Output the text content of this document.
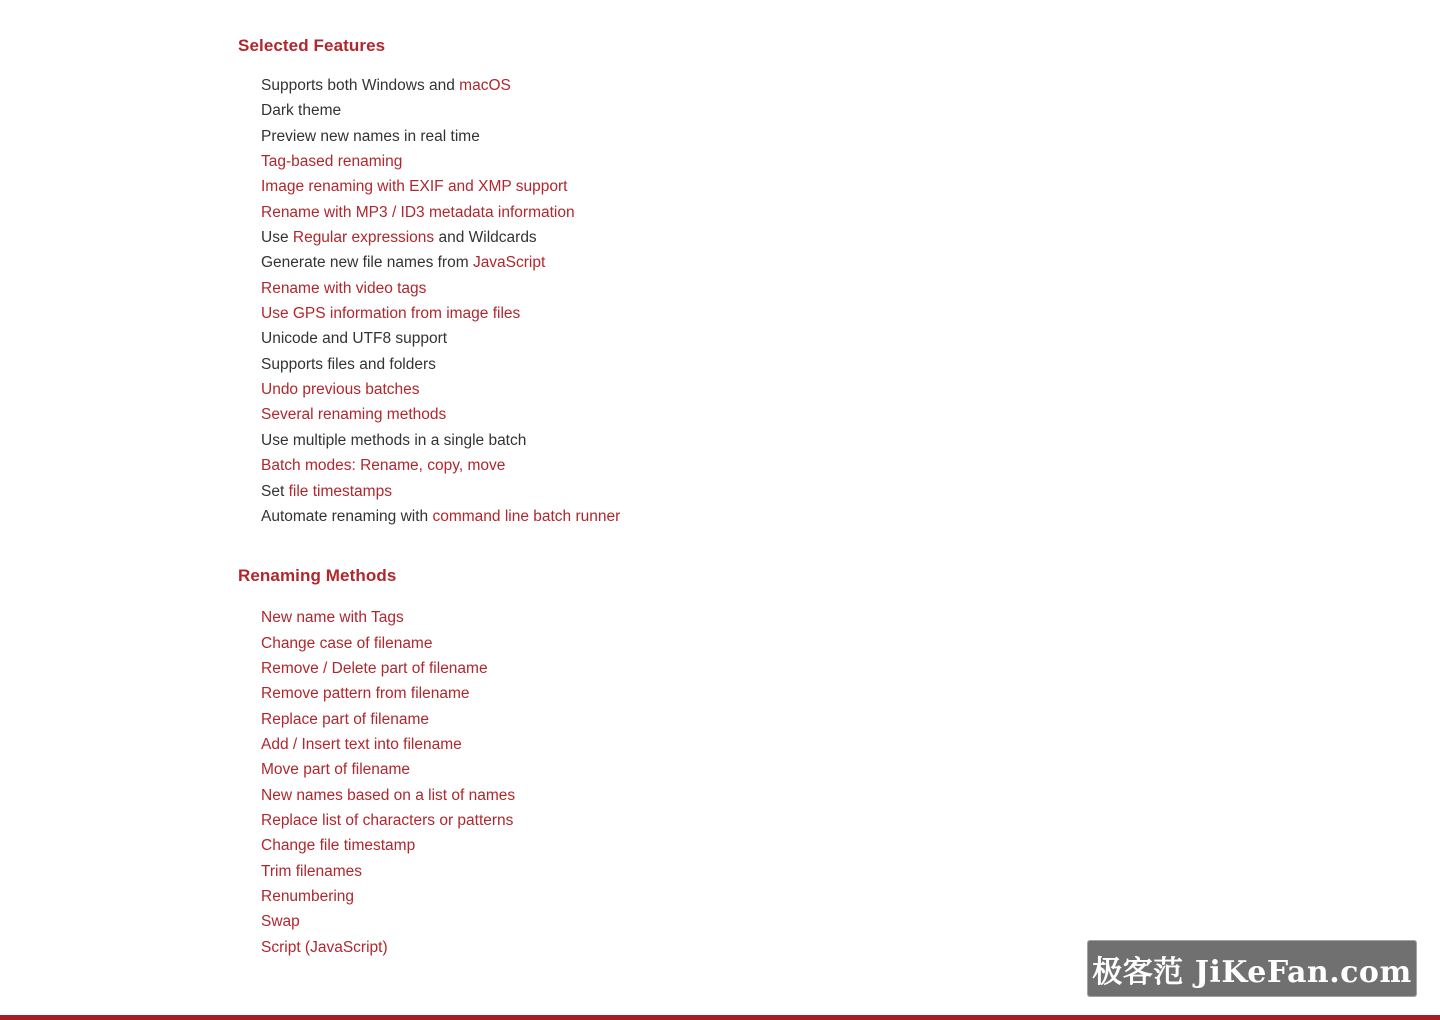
Selected Features
Supports both Windows and macOS
Dark theme
Preview new names in real time
Tag-based renaming
Image renaming with EXIF and XMP support
Rename with MP3 / ID3 metadata information
Use Regular expressions and Wildcards
Generate new file names from JavaScript
Rename with video tags
Use GPS information from image files
Unicode and UTF8 support
Supports files and folders
Undo previous batches
Several renaming methods
Use multiple methods in a single batch
Batch modes: Rename, copy, move
Set file timestamps
Automate renaming with command line batch runner
Renaming Methods
New name with Tags
Change case of filename
Remove / Delete part of filename
Remove pattern from filename
Replace part of filename
Add / Insert text into filename
Move part of filename
New names based on a list of names
Replace list of characters or patterns
Change file timestamp
Trim filenames
Renumbering
Swap
Script (JavaScript)
极客范 JiKeFan.com
